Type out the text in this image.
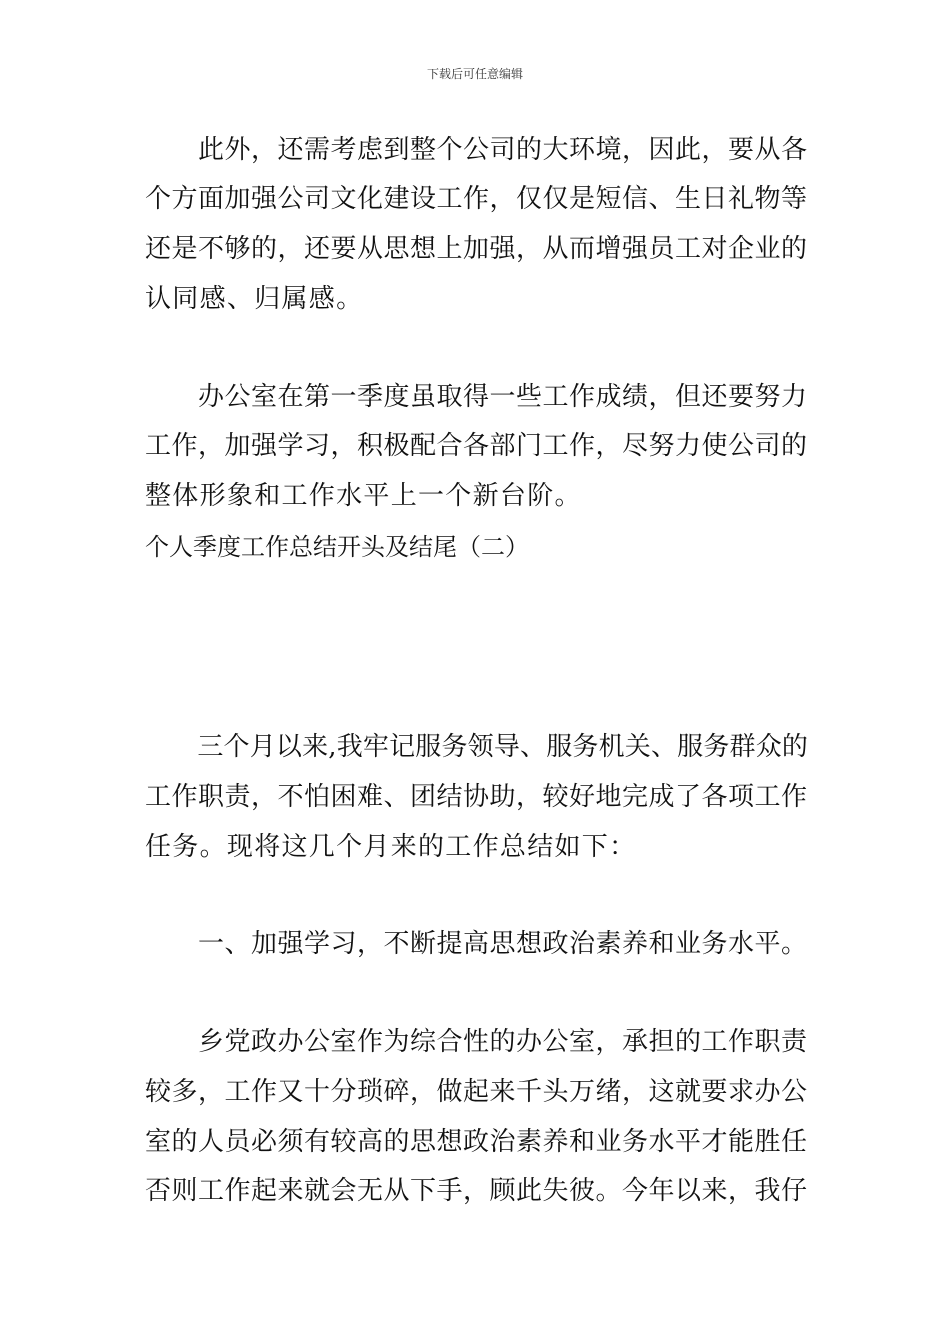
下载后可任意编辑
　　此外，还需考虑到整个公司的大环境，因此，要从各
个方面加强公司文化建设工作，仅仅是短信、生日礼物等
还是不够的，还要从思想上加强，从而增强员工对企业的
认同感、归属感。
　　办公室在第一季度虽取得一些工作成绩，但还要努力
工作，加强学习，积极配合各部门工作，尽努力使公司的
整体形象和工作水平上一个新台阶。
个人季度工作总结开头及结尾（二）
　　三个月以来,我牢记服务领导、服务机关、服务群众的
工作职责，不怕困难、团结协助，较好地完成了各项工作
任务。现将这几个月来的工作总结如下：
　　一、加强学习，不断提高思想政治素养和业务水平。
　　乡党政办公室作为综合性的办公室，承担的工作职责
较多，工作又十分琐碎，做起来千头万绪，这就要求办公
室的人员必须有较高的思想政治素养和业务水平才能胜任
否则工作起来就会无从下手，顾此失彼。今年以来，我仔
